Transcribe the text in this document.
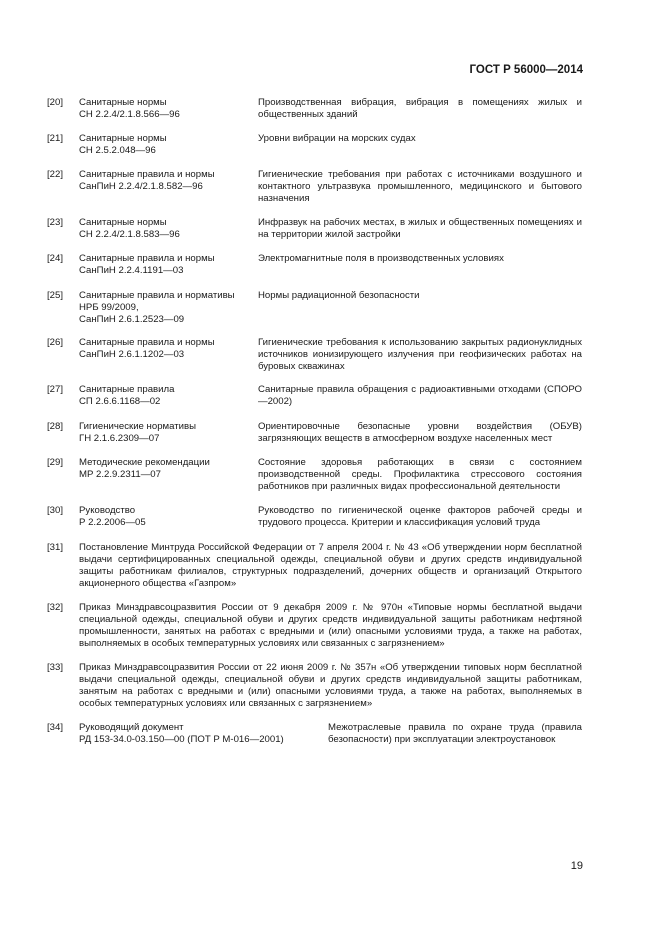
ГОСТ Р 56000—2014
[20] Санитарные нормы
СН 2.2.4/2.1.8.566—96
Производственная вибрация, вибрация в помещениях жилых и общественных зданий
[21] Санитарные нормы
СН 2.5.2.048—96
Уровни вибрации на морских судах
[22] Санитарные правила и нормы
СанПиН 2.2.4/2.1.8.582—96
Гигиенические требования при работах с источниками воздушного и контактного ультразвука промышленного, медицинского и бытового назначения
[23] Санитарные нормы
СН 2.2.4/2.1.8.583—96
Инфразвук на рабочих местах, в жилых и общественных помещениях и на территории жилой застройки
[24] Санитарные правила и нормы
СанПиН 2.2.4.1191—03
Электромагнитные поля в производственных условиях
[25] Санитарные правила и нормативы
НРБ 99/2009,
СанПиН 2.6.1.2523—09
Нормы радиационной безопасности
[26] Санитарные правила и нормы
СанПиН 2.6.1.1202—03
Гигиенические требования к использованию закрытых радионуклидных источников ионизирующего излучения при геофизических работах на буровых скважинах
[27] Санитарные правила
СП 2.6.6.1168—02
Санитарные правила обращения с радиоактивными отходами (СПОРО—2002)
[28] Гигиенические нормативы
ГН 2.1.6.2309—07
Ориентировочные безопасные уровни воздействия (ОБУВ) загрязняющих веществ в атмосферном воздухе населенных мест
[29] Методические рекомендации
МР 2.2.9.2311—07
Состояние здоровья работающих в связи с состоянием производственной среды. Профилактика стрессового состояния работников при различных видах профессиональной деятельности
[30] Руководство
Р 2.2.2006—05
Руководство по гигиенической оценке факторов рабочей среды и трудового процесса. Критерии и классификация условий труда
[31] Постановление Минтруда Российской Федерации от 7 апреля 2004 г. № 43 «Об утверждении норм бесплатной выдачи сертифицированных специальной одежды, специальной обуви и других средств индивидуальной защиты работникам филиалов, структурных подразделений, дочерних обществ и организаций Открытого акционерного общества «Газпром»
[32] Приказ Минздравсоцразвития России от 9 декабря 2009 г. № 970н «Типовые нормы бесплатной выдачи специальной одежды, специальной обуви и других средств индивидуальной защиты работникам нефтяной промышленности, занятых на работах с вредными и (или) опасными условиями труда, а также на работах, выполняемых в особых температурных условиях или связанных с загрязнением»
[33] Приказ Минздравсоцразвития России от 22 июня 2009 г. № 357н «Об утверждении типовых норм бесплатной выдачи специальной одежды, специальной обуви и других средств индивидуальной защиты работникам, занятым на работах с вредными и (или) опасными условиями труда, а также на работах, выполняемых в особых температурных условиях или связанных с загрязнением»
[34] Руководящий документ
РД 153-34.0-03.150—00 (ПОТ Р М-016—2001)
Межотраслевые правила по охране труда (правила безопасности) при эксплуатации электроустановок
19
